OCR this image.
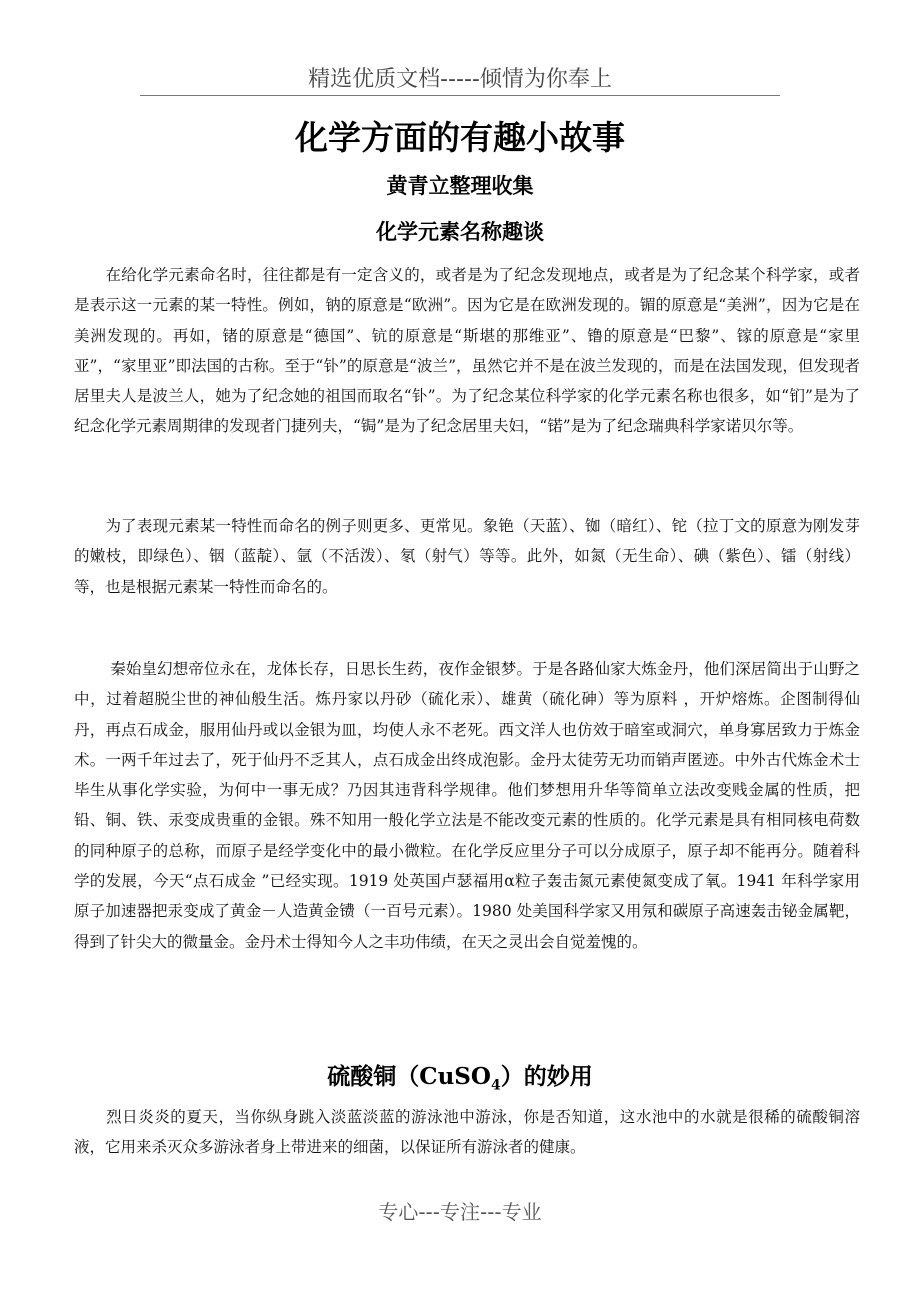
精选优质文档-----倾情为你奉上
化学方面的有趣小故事
黄青立整理收集
化学元素名称趣谈
　　在给化学元素命名时，往往都是有一定含义的，或者是为了纪念发现地点，或者是为了纪念某个科学家，或者是表示这一元素的某一特性。例如，钠的原意是“欧洲”。因为它是在欧洲发现的。镅的原意是“美洲”，因为它是在美洲发现的。再如，锗的原意是“德国”、钪的原意是“斯堪的那维亚”、镥的原意是“巴黎”、镓的原意是“家里亚”，“家里亚”即法国的古称。至于“钋”的原意是“波兰”，虽然它并不是在波兰发现的，而是在法国发现，但发现者居里夫人是波兰人，她为了纪念她的祖国而取名“钋”。为了纪念某位科学家的化学元素名称也很多，如“钔”是为了纪念化学元素周期律的发现者门捷列夫，“锔”是为了纪念居里夫妇，“锘”是为了纪念瑞典科学家诺贝尔等。
　　为了表现元素某一特性而命名的例子则更多、更常见。象铯（天蓝）、铷（暗红）、铊（拉丁文的原意为刚发芽的嫩枝，即绿色）、铟（蓝靛）、氩（不活泼）、氡（射气）等等。此外，如氮（无生命）、碘（紫色）、镭（射线）等，也是根据元素某一特性而命名的。
　　 秦始皇幻想帝位永在，龙体长存，日思长生药，夜作金银梦。于是各路仙家大炼金丹，他们深居简出于山野之中，过着超脱尘世的神仙般生活。炼丹家以丹砂（硫化汞）、雄黄（硫化砷）等为原料 ，开炉熔炼。企图制得仙丹，再点石成金，服用仙丹或以金银为皿，均使人永不老死。西文洋人也仿效于暗室或洞穴，单身寡居致力于炼金术。一两千年过去了，死于仙丹不乏其人，点石成金出终成泡影。金丹太徒劳无功而销声匿迹。中外古代炼金术士毕生从事化学实验，为何中一事无成？乃因其违背科学规律。他们梦想用升华等简单立法改变贱金属的性质，把铅、铜、铁、汞变成贵重的金银。殊不知用一般化学立法是不能改变元素的性质的。化学元素是具有相同核电荷数的同种原子的总称，而原子是经学变化中的最小微粒。在化学反应里分子可以分成原子，原子却不能再分。随着科学的发展，今天“点石成金 ”已经实现。1919 处英国卢瑟福用α粒子轰击氮元素使氮变成了氧。1941 年科学家用原子加速器把汞变成了黄金－人造黄金镄（一百号元素）。1980 处美国科学家又用氖和碳原子高速轰击铋金属靶，得到了针尖大的微量金。金丹术士得知今人之丰功伟绩，在天之灵出会自觉羞愧的。
硫酸铜（CuSO$_4$）的妙用
　　烈日炎炎的夏天，当你纵身跳入淡蓝淡蓝的游泳池中游泳，你是否知道，这水池中的水就是很稀的硫酸铜溶液，它用来杀灭众多游泳者身上带进来的细菌，以保证所有游泳者的健康。
专心---专注---专业
